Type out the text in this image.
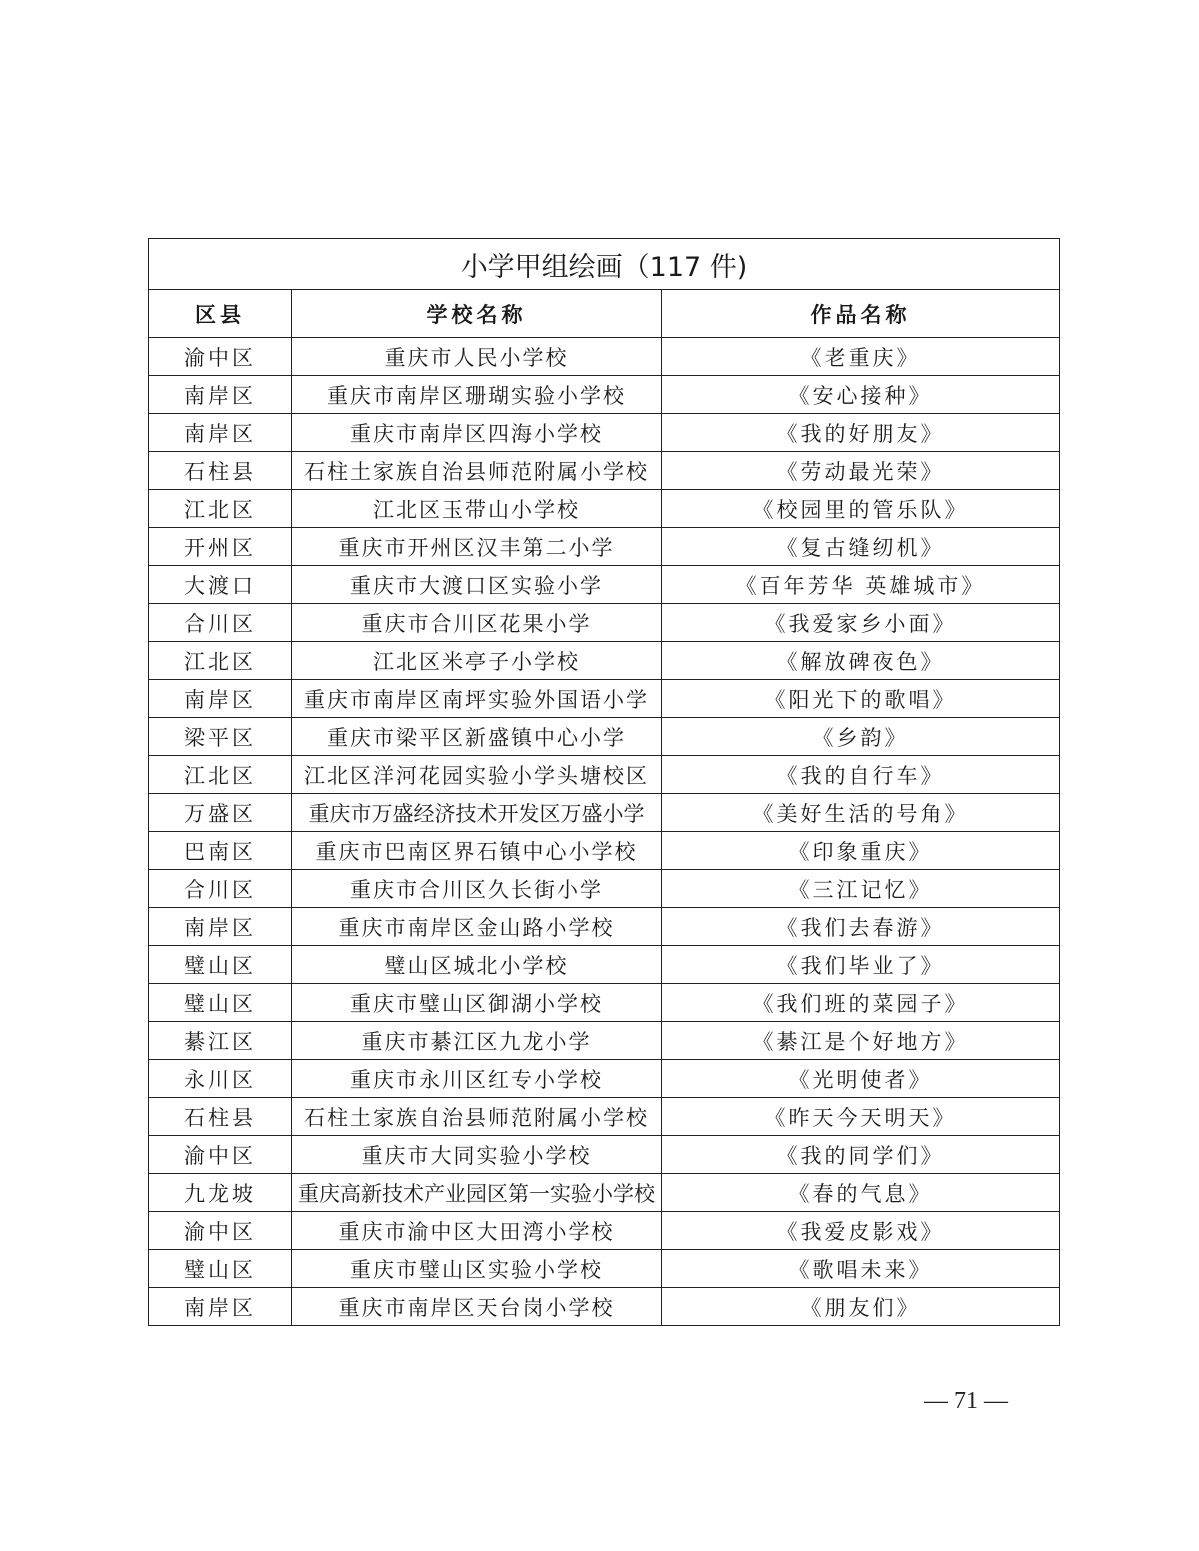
小学甲组绘画（117 件)		
区县	学校名称	作品名称
渝中区	重庆市人民小学校	《老重庆》
南岸区	重庆市南岸区珊瑚实验小学校	《安心接种》
南岸区	重庆市南岸区四海小学校	《我的好朋友》
石柱县	石柱土家族自治县师范附属小学校	《劳动最光荣》
江北区	江北区玉带山小学校	《校园里的管乐队》
开州区	重庆市开州区汉丰第二小学	《复古缝纫机》
大渡口	重庆市大渡口区实验小学	《百年芳华 英雄城市》
合川区	重庆市合川区花果小学	《我爱家乡小面》
江北区	江北区米亭子小学校	《解放碑夜色》
南岸区	重庆市南岸区南坪实验外国语小学	《阳光下的歌唱》
梁平区	重庆市梁平区新盛镇中心小学	《乡韵》
江北区	江北区洋河花园实验小学头塘校区	《我的自行车》
万盛区	重庆市万盛经济技术开发区万盛小学	《美好生活的号角》
巴南区	重庆市巴南区界石镇中心小学校	《印象重庆》
合川区	重庆市合川区久长街小学	《三江记忆》
南岸区	重庆市南岸区金山路小学校	《我们去春游》
璧山区	璧山区城北小学校	《我们毕业了》
璧山区	重庆市璧山区御湖小学校	《我们班的菜园子》
綦江区	重庆市綦江区九龙小学	《綦江是个好地方》
永川区	重庆市永川区红专小学校	《光明使者》
石柱县	石柱土家族自治县师范附属小学校	《昨天今天明天》
渝中区	重庆市大同实验小学校	《我的同学们》
九龙坡	重庆高新技术产业园区第一实验小学校	《春的气息》
渝中区	重庆市渝中区大田湾小学校	《我爱皮影戏》
璧山区	重庆市璧山区实验小学校	《歌唱未来》
南岸区	重庆市南岸区天台岗小学校	《朋友们》
— 71 —
